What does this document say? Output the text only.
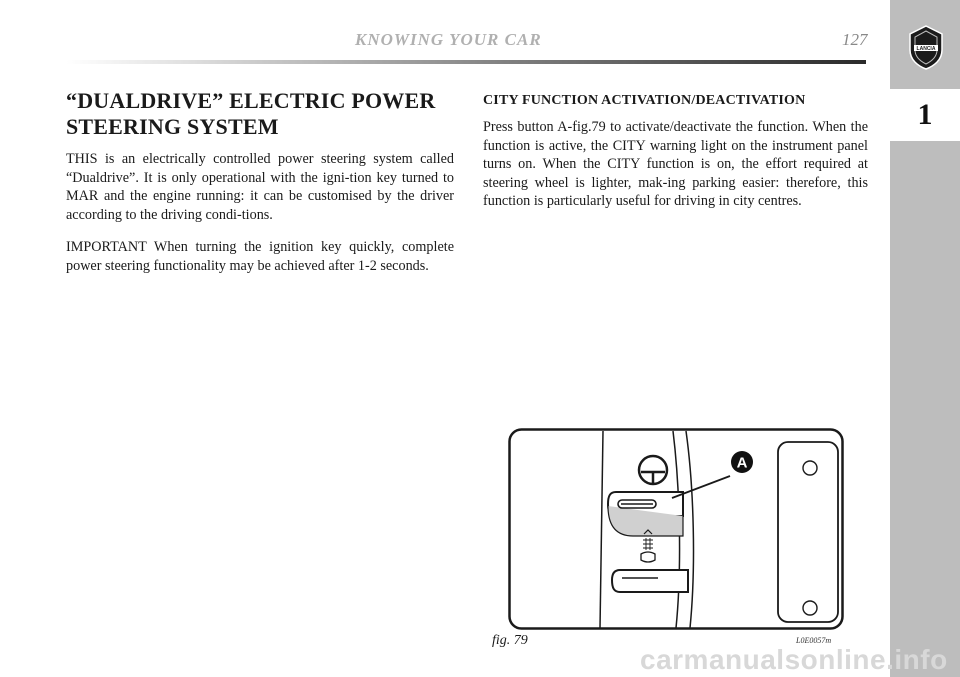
KNOWING YOUR CAR	127
1
LANCIA
“DUALDRIVE” ELECTRIC POWER
STEERING SYSTEM

THIS is an electrically controlled power steering system called “Dualdrive”. It is only operational with the igni-tion key turned to MAR and the engine running: it can be customised by the driver according to the driving condi-tions.

IMPORTANT When turning the ignition key quickly, complete power steering functionality may be achieved after 1-2 seconds.

CITY FUNCTION ACTIVATION/DEACTIVATION

Press button A-fig.79 to activate/deactivate the function. When the function is active, the CITY warning light on the instrument panel turns on. When the CITY function is on, the effort required at steering wheel is lighter, mak-ing parking easier: therefore, this function is particularly useful for driving in city centres.

A
fig. 79	L0E0057m
carmanualsonline.info
